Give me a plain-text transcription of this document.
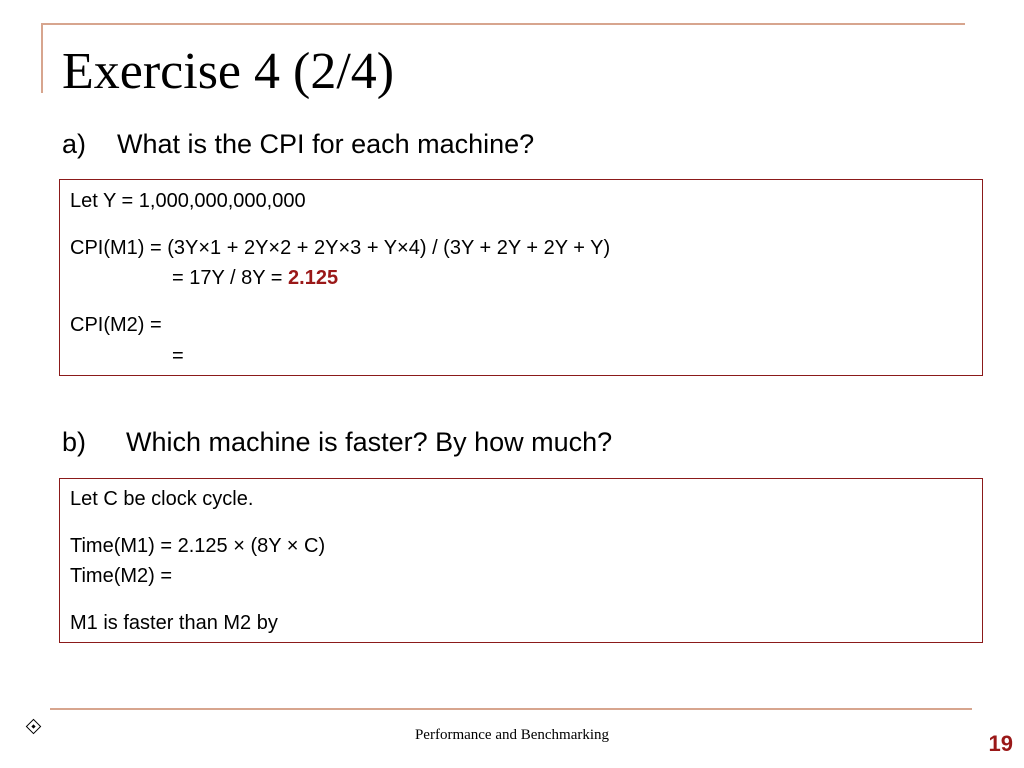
Exercise 4 (2/4)
a) What is the CPI for each machine?
Let Y = 1,000,000,000,000
CPI(M1) = (3Y×1 + 2Y×2 + 2Y×3 + Y×4) / (3Y + 2Y + 2Y + Y)
= 17Y / 8Y = 2.125
CPI(M2) =
=
b) Which machine is faster? By how much?
Let C be clock cycle.
Time(M1) = 2.125 × (8Y × C)
Time(M2) =
M1 is faster than M2 by
Performance and Benchmarking	19
